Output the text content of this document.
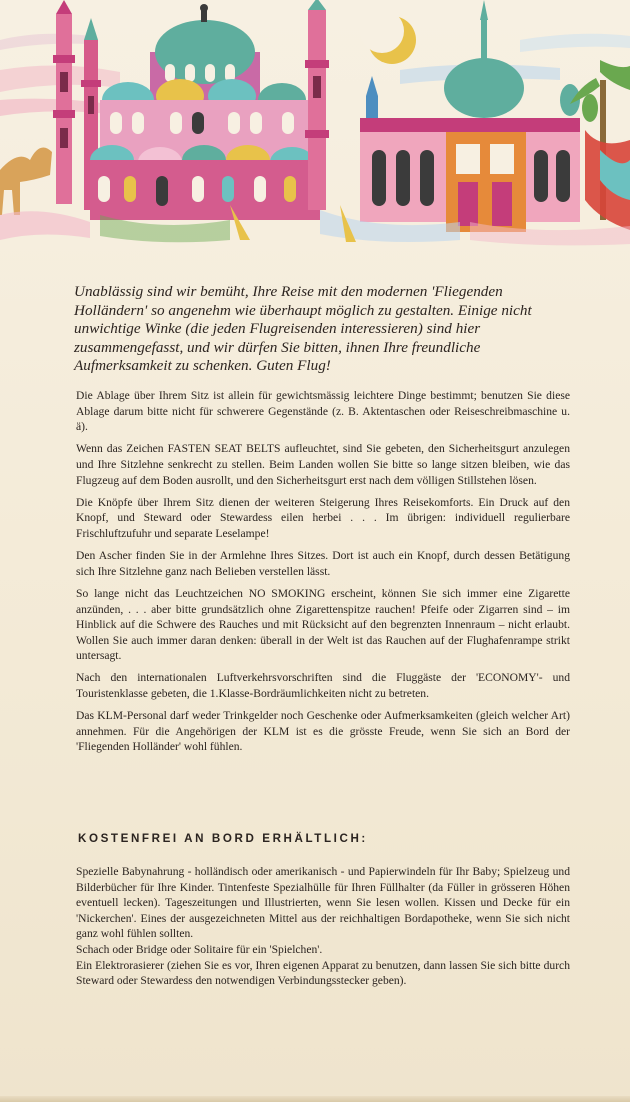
Unablässig sind wir bemüht, Ihre Reise mit den modernen 'Fliegenden Holländern' so angenehm wie überhaupt möglich zu gestalten. Einige nicht unwichtige Winke (die jeden Flugreisenden interessieren) sind hier zusammengefasst, und wir dürfen Sie bitten, ihnen Ihre freundliche Aufmerksamkeit zu schenken. Guten Flug!

Die Ablage über Ihrem Sitz ist allein für gewichtsmässig leichtere Dinge bestimmt; benutzen Sie diese Ablage darum bitte nicht für schwerere Gegenstände (z. B. Aktentaschen oder Reiseschreibmaschine u. ä).

Wenn das Zeichen FASTEN SEAT BELTS aufleuchtet, sind Sie gebeten, den Sicherheitsgurt anzulegen und Ihre Sitzlehne senkrecht zu stellen. Beim Landen wollen Sie bitte so lange sitzen bleiben, wie das Flugzeug auf dem Boden ausrollt, und den Sicherheitsgurt erst nach dem völligen Stillstehen lösen.

Die Knöpfe über Ihrem Sitz dienen der weiteren Steigerung Ihres Reisekomforts. Ein Druck auf den Knopf, und Steward oder Stewardess eilen herbei . . . Im übrigen: individuell regulierbare Frischluftzufuhr und separate Leselampe!

Den Ascher finden Sie in der Armlehne Ihres Sitzes. Dort ist auch ein Knopf, durch dessen Betätigung sich Ihre Sitzlehne ganz nach Belieben verstellen lässt.

So lange nicht das Leuchtzeichen NO SMOKING erscheint, können Sie sich immer eine Zigarette anzünden, . . . aber bitte grundsätzlich ohne Zigarettenspitze rauchen! Pfeife oder Zigarren sind – im Hinblick auf die Schwere des Rauches und mit Rücksicht auf den begrenzten Innenraum – nicht erlaubt. Wollen Sie auch immer daran denken: überall in der Welt ist das Rauchen auf der Flughafenrampe strikt untersagt.

Nach den internationalen Luftverkehrsvorschriften sind die Fluggäste der 'ECONOMY'- und Touristenklasse gebeten, die 1.Klasse-Bordräumlichkeiten nicht zu betreten.

Das KLM-Personal darf weder Trinkgelder noch Geschenke oder Aufmerksamkeiten (gleich welcher Art) annehmen. Für die Angehörigen der KLM ist es die grösste Freude, wenn Sie sich an Bord der 'Fliegenden Holländer' wohl fühlen.

KOSTENFREI AN BORD ERHÄLTLICH:

Spezielle Babynahrung - holländisch oder amerikanisch - und Papierwindeln für Ihr Baby; Spielzeug und Bilderbücher für Ihre Kinder. Tintenfeste Spezialhülle für Ihren Füllhalter (da Füller in grösseren Höhen eventuell lecken). Tageszeitungen und Illustrierten, wenn Sie lesen wollen. Kissen und Decke für ein 'Nickerchen'. Eines der ausgezeichneten Mittel aus der reichhaltigen Bordapotheke, wenn Sie sich nicht ganz wohl fühlen sollten.

Schach oder Bridge oder Solitaire für ein 'Spielchen'.

Ein Elektrorasierer (ziehen Sie es vor, Ihren eigenen Apparat zu benutzen, dann lassen Sie sich bitte durch Steward oder Stewardess den notwendigen Verbindungsstecker geben).
